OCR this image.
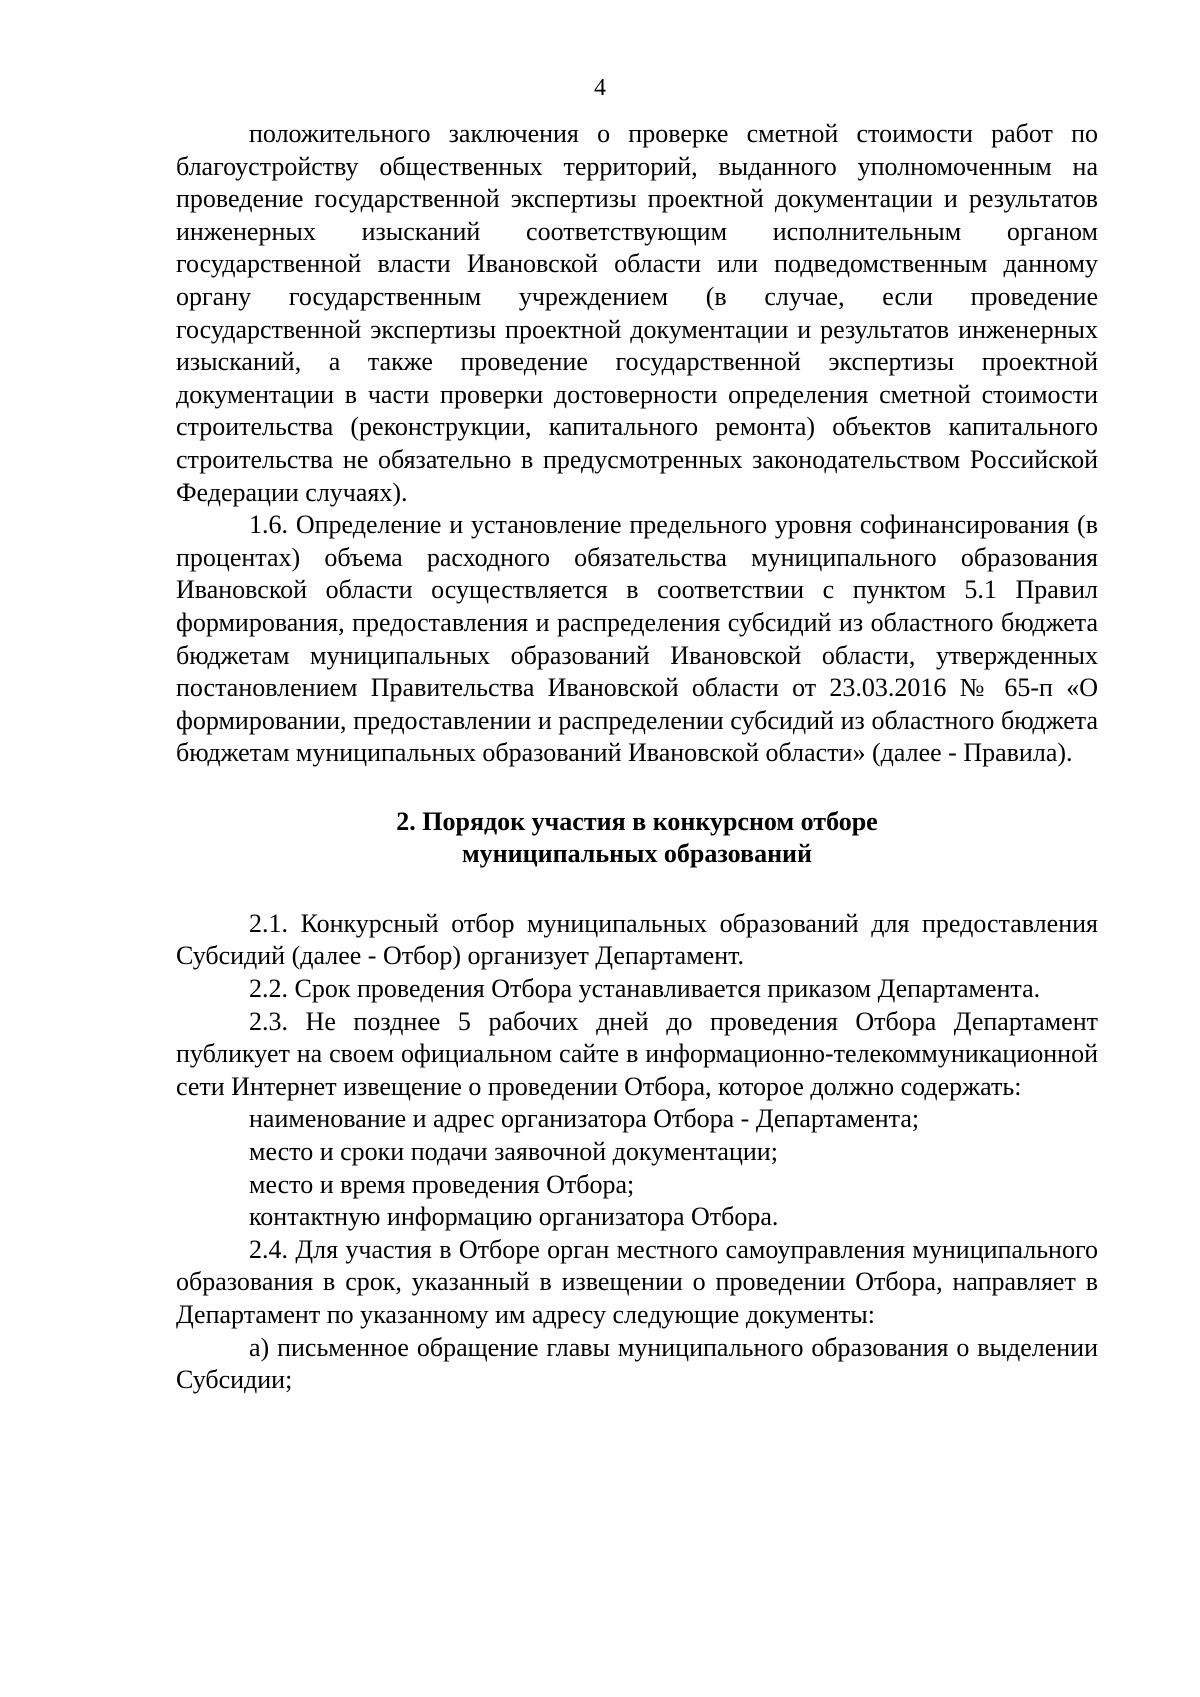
4

положительного заключения о проверке сметной стоимости работ по благоустройству общественных территорий, выданного уполномоченным на проведение государственной экспертизы проектной документации и результатов инженерных изысканий соответствующим исполнительным органом государственной власти Ивановской области или подведомственным данному органу государственным учреждением (в случае, если проведение государственной экспертизы проектной документации и результатов инженерных изысканий, а также проведение государственной экспертизы проектной документации в части проверки достоверности определения сметной стоимости строительства (реконструкции, капитального ремонта) объектов капитального строительства не обязательно в предусмотренных законодательством Российской Федерации случаях).

1.6. Определение и установление предельного уровня софинансирования (в процентах) объема расходного обязательства муниципального образования Ивановской области осуществляется в соответствии с пунктом 5.1 Правил формирования, предоставления и распределения субсидий из областного бюджета бюджетам муниципальных образований Ивановской области, утвержденных постановлением Правительства Ивановской области от 23.03.2016 № 65-п «О формировании, предоставлении и распределении субсидий из областного бюджета бюджетам муниципальных образований Ивановской области» (далее - Правила).

2. Порядок участия в конкурсном отборе
муниципальных образований

2.1. Конкурсный отбор муниципальных образований для предоставления Субсидий (далее - Отбор) организует Департамент.

2.2. Срок проведения Отбора устанавливается приказом Департамента.

2.3. Не позднее 5 рабочих дней до проведения Отбора Департамент публикует на своем официальном сайте в информационно-телекоммуникационной сети Интернет извещение о проведении Отбора, которое должно содержать:

наименование и адрес организатора Отбора - Департамента;

место и сроки подачи заявочной документации;

место и время проведения Отбора;

контактную информацию организатора Отбора.

2.4. Для участия в Отборе орган местного самоуправления муниципального образования в срок, указанный в извещении о проведении Отбора, направляет в Департамент по указанному им адресу следующие документы:

а) письменное обращение главы муниципального образования о выделении Субсидии;
